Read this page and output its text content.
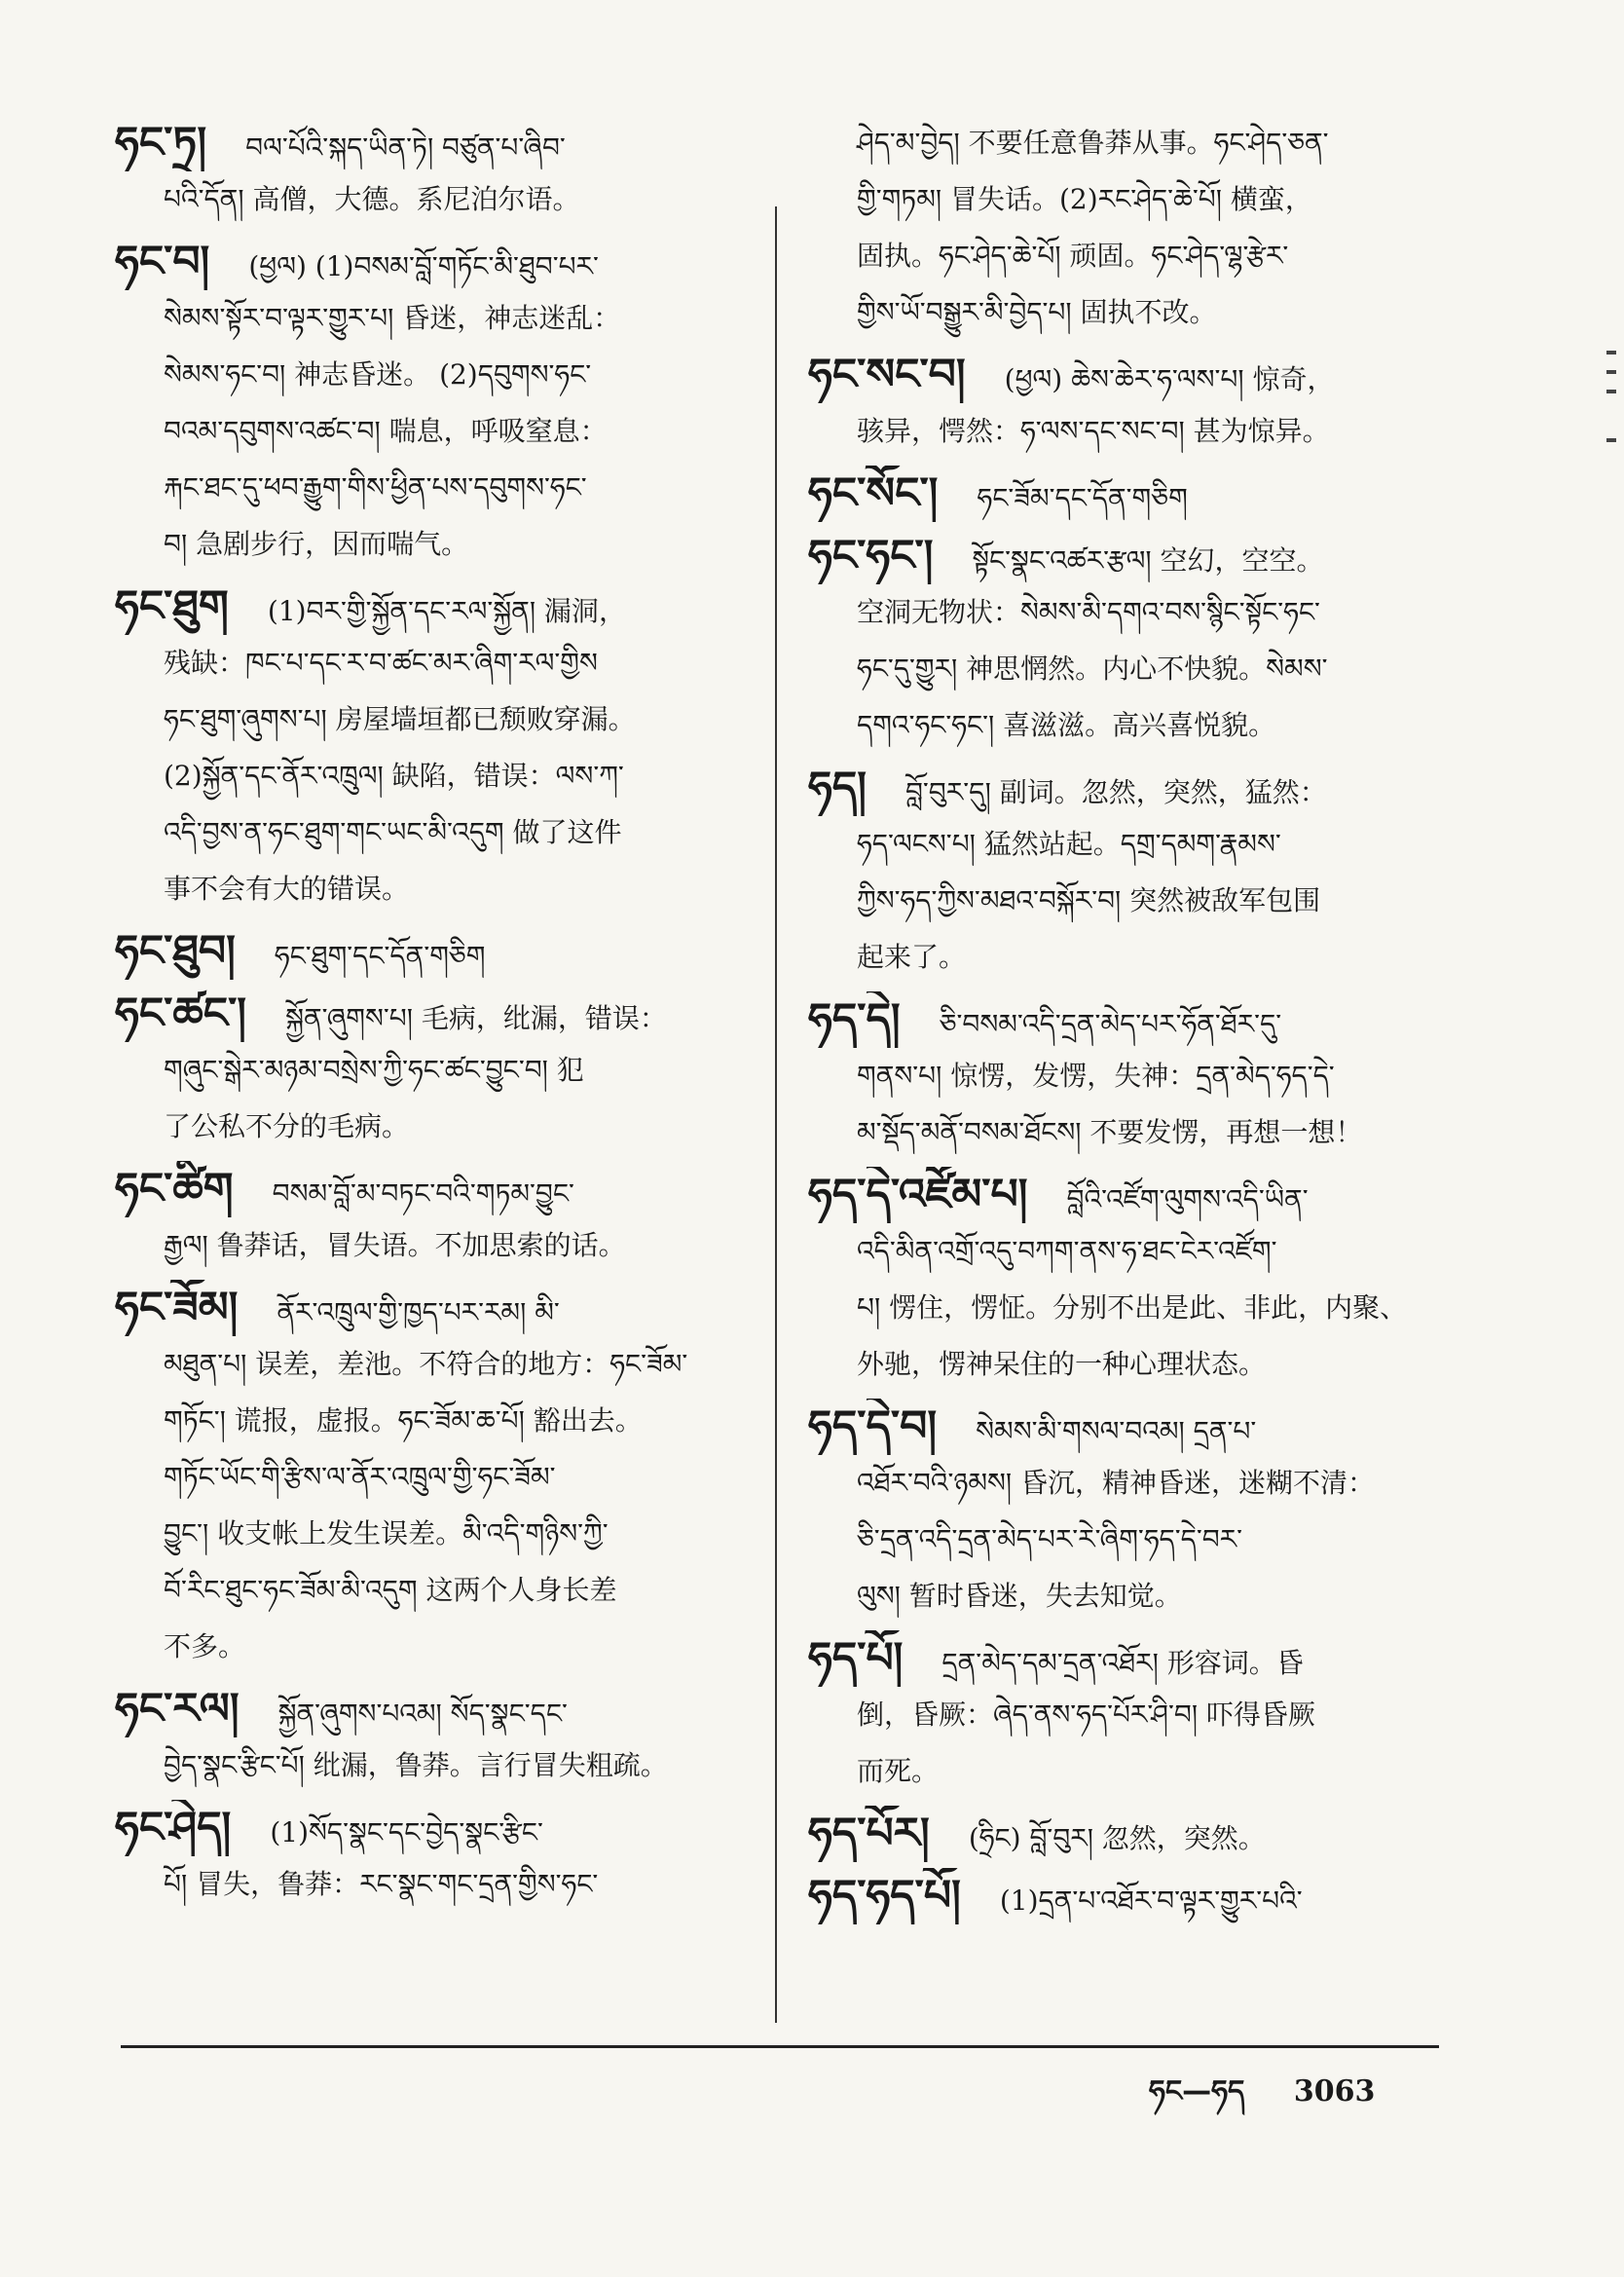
ཧང་ཏྲ། བལ་པོའི་སྐད་ཡིན་ཏེ། བཙུན་པ་ཞིབ་
པའི་དོན། 高僧，大德。系尼泊尔语。
ཧང་བ། (ཕྱལ) (1)བསམ་བློ་གཏོང་མི་ཐུབ་པར་
སེམས་སྟོར་བ་ལྟར་གྱུར་པ། 昏迷，神志迷乱：
སེམས་ཧང་བ། 神志昏迷。 (2)དབུགས་ཧང་
བའམ་དབུགས་འཚང་བ། 喘息，呼吸窒息：
རྐང་ཐང་དུ་ཕབ་རྒྱུག་གིས་ཕྱིན་པས་དབུགས་ཧང་
བ། 急剧步行，因而喘气。
ཧང་ཐུག (1)བར་གྱི་སྐྱོན་དང་རལ་སྐྱོན། 漏洞，
残缺：ཁང་པ་དང་ར་བ་ཚང་མར་ཞིག་རལ་གྱིས
ཧང་ཐུག་ཞུགས་པ། 房屋墙垣都已颓败穿漏。
(2)སྐྱོན་དང་ནོར་འཁྲུལ། 缺陷，错误：ལས་ཀ་
འདི་བྱས་ན་ཧང་ཐུག་གང་ཡང་མི་འདུག 做了这件
事不会有大的错误。
ཧང་ཐུབ། ཧང་ཐུག་དང་དོན་གཅིག
ཧང་ཚང་། སྐྱོན་ཞུགས་པ། 毛病，纰漏，错误：
གཞུང་སྒེར་མཉམ་བསྲེས་ཀྱི་ཧང་ཚང་བྱུང་བ། 犯
了公私不分的毛病。
ཧང་ཚིག བསམ་བློ་མ་བཏང་བའི་གཏམ་བྱུང་
རྒྱལ། 鲁莽话，冒失语。不加思索的话。
ཧང་ཟོམ། ནོར་འཁྲུལ་གྱི་ཁྱད་པར་རམ། མི་
མཐུན་པ། 误差，差池。不符合的地方：ཧང་ཟོམ་
གཏོང་། 谎报，虚报。ཧང་ཟོམ་ཆ་པོ། 豁出去。
གཏོང་ཡོང་གི་རྩིས་ལ་ནོར་འཁྲུལ་གྱི་ཧང་ཟོམ་
བྱུང་། 收支帐上发生误差。མི་འདི་གཉིས་ཀྱི་
བོ་རིང་ཐུང་ཧང་ཟོམ་མི་འདུག 这两个人身长差
不多。
ཧང་རལ། སྐྱོན་ཞུགས་པའམ། སོད་སྣང་དང་
བྱེད་སྣང་རྩིང་པོ། 纰漏，鲁莽。言行冒失粗疏。
ཧང་ཤེད། (1)སོད་སྣང་དང་བྱེད་སྣང་རྩིང་
པོ། 冒失，鲁莽：རང་སྣང་གང་དྲན་གྱིས་ཧང་
ཤེད་མ་བྱེད། 不要任意鲁莽从事。ཧང་ཤེད་ཅན་
གྱི་གཏམ། 冒失话。(2)རང་ཤེད་ཆེ་པོ། 横蛮，
固执。ཧང་ཤེད་ཆེ་པོ། 顽固。ཧང་ཤེད་ལྷ་རྩེར་
གྱིས་ཡོ་བསྒྱུར་མི་བྱེད་པ། 固执不改。
ཧང་སང་བ། (ཕྱལ) ཆེས་ཆེར་ཧ་ལས་པ། 惊奇，
骇异，愕然：ཧ་ལས་དང་སང་བ། 甚为惊异。
ཧང་སོང་། ཧང་ཟོམ་དང་དོན་གཅིག
ཧང་ཧང་། སྟོང་སྣང་འཚར་རྩལ། 空幻，空空。
空洞无物状：སེམས་མི་དགའ་བས་སྙིང་སྟོང་ཧང་
ཧང་དུ་གྱུར། 神思惘然。内心不快貌。སེམས་
དགའ་ཧང་ཧང་། 喜滋滋。高兴喜悦貌。
ཧད། བློ་བུར་དུ། 副词。忽然，突然，猛然：
ཧད་ལངས་པ། 猛然站起。དགྲ་དམག་རྣམས་
ཀྱིས་ཧད་ཀྱིས་མཐའ་བསྐོར་བ། 突然被敌军包围
起来了。
ཧད་དེ། ཅི་བསམ་འདི་དྲན་མེད་པར་ཧོན་ཐོར་དུ་
གནས་པ། 惊愣，发愣，失神：དྲན་མེད་ཧད་དེ་
མ་སྡོད་མནོ་བསམ་ཐོངས། 不要发愣，再想一想！
ཧད་དེ་འཛོམ་པ། བློའི་འཛོག་ལུགས་འདི་ཡིན་
འདི་མིན་འགྲོ་འདུ་བཀག་ནས་ཧ་ཐང་ངེར་འཛོག་
པ། 愣住，愣怔。分别不出是此、非此，内聚、
外驰，愣神呆住的一种心理状态。
ཧད་དེ་བ། སེམས་མི་གསལ་བའམ། དྲན་པ་
འཐོར་བའི་ཉམས། 昏沉，精神昏迷，迷糊不清：
ཅི་དྲན་འདི་དྲན་མེད་པར་རེ་ཞིག་ཧད་དེ་བར་
ལུས། 暂时昏迷，失去知觉。
ཧད་པོ། དྲན་མེད་དམ་དྲན་འཐོར། 形容词。昏
倒，昏厥：ཞེད་ནས་ཧད་པོར་ཤི་བ། 吓得昏厥
而死。
ཧད་པོར། (ཧྲིང) བློ་བུར། 忽然，突然。
ཧད་ཧད་པོ། (1)དྲན་པ་འཐོར་བ་ལྟར་གྱུར་པའི་
ཧང—ཧད 3063
